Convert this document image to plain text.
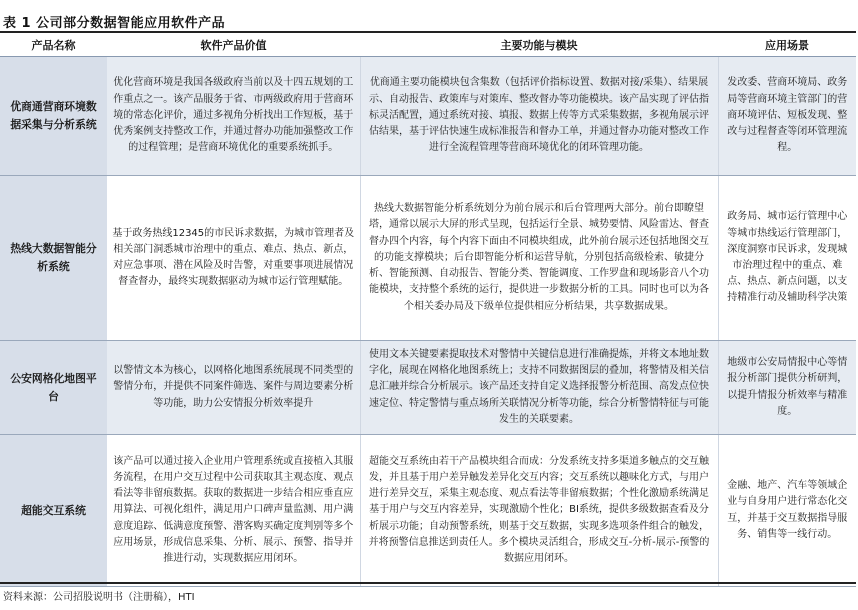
表 1 公司部分数据智能应用软件产品
产品名称	软件产品价值	主要功能与模块	应用场景
优商通营商环境数据采集与分析系统	优化营商环境是我国各级政府当前以及十四五规划的工作重点之一。该产品服务于省、市两级政府用于营商环境的常态化评价，通过多视角分析找出工作短板，基于优秀案例支持整改工作，并通过督办功能加强整改工作的过程管理；是营商环境优化的重要系统抓手。	优商通主要功能模块包含集数（包括评价指标设置、数据对接/采集）、结果展示、自动报告、政策库与对策库、整改督办等功能模块。该产品实现了评估指标灵活配置，通过系统对接、填报、数据上传等方式采集数据，多视角展示评估结果，基于评估快速生成标准报告和督办工单，并通过督办功能对整改工作进行全流程管理等营商环境优化的闭环管理功能。	发改委、营商环境局、政务局等营商环境主管部门的营商环境评估、短板发现、整改与过程督查等闭环管理流程。
热线大数据智能分析系统	基于政务热线12345的市民诉求数据，为城市管理者及相关部门洞悉城市治理中的重点、难点、热点、新点，对应急事项、潜在风险及时告警，对重要事项进展情况督查督办，最终实现数据驱动为城市运行管理赋能。	热线大数据智能分析系统划分为前台展示和后台管理两大部分。前台即瞭望塔，通常以展示大屏的形式呈现，包括运行全景、城势要情、风险雷达、督查督办四个内容，每个内容下面由不同模块组成，此外前台展示还包括地图交互的功能支撑模块；后台即智能分析和运营导航，分别包括高级检索、敏捷分析、智能预测、自动报告、智能分类、智能调度、工作罗盘和现场影音八个功能模块，支持整个系统的运行，提供进一步数据分析的工具。同时也可以为各个相关委办局及下级单位提供相应分析结果，共享数据成果。	政务局、城市运行管理中心等城市热线运行管理部门，深度洞察市民诉求，发现城市治理过程中的重点、难点、热点、新点问题，以支持精准行动及辅助科学决策
公安网格化地图平台	以警情文本为核心，以网格化地图系统展现不同类型的警情分布，并提供不同案件筛选、案件与周边要素分析等功能，助力公安情报分析效率提升	使用文本关键要素提取技术对警情中关键信息进行准确提炼，并将文本地址数字化，展现在网格化地图系统上；支持不同数据图层的叠加，将警情及相关信息汇融并综合分析展示。该产品还支持自定义选择报警分析范围、高发点位快速定位、特定警情与重点场所关联情况分析等功能，综合分析警情特征与可能发生的关联要素。	地级市公安局情报中心等情报分析部门提供分析研判，以提升情报分析效率与精准度。
超能交互系统	该产品可以通过接入企业用户管理系统或直接植入其服务流程，在用户交互过程中公司获取其主观态度、观点看法等非留痕数据。获取的数据进一步结合相应垂直应用算法、可视化组件，满足用户口碑声量监测、用户满意度追踪、低满意度预警、潜客购买确定度判别等多个应用场景，形成信息采集、分析、展示、预警、指导并推进行动，实现数据应用闭环。	超能交互系统由若干产品模块组合而成：分发系统支持多渠道多触点的交互触发，并且基于用户差异触发差异化交互内容；交互系统以趣味化方式，与用户进行差异交互，采集主观态度、观点看法等非留痕数据；个性化激励系统满足基于用户与交互内容差异，实现激励个性化；BI系统，提供多级数据查看及分析展示功能；自动预警系统，则基于交互数据，实现多选项条件组合的触发，并将预警信息推送到责任人。多个模块灵活组合，形成交互-分析-展示-预警的数据应用闭环。	金融、地产、汽车等领域企业与自身用户进行常态化交互，并基于交互数据指导服务、销售等一线行动。
资料来源：公司招股说明书（注册稿），HTI
